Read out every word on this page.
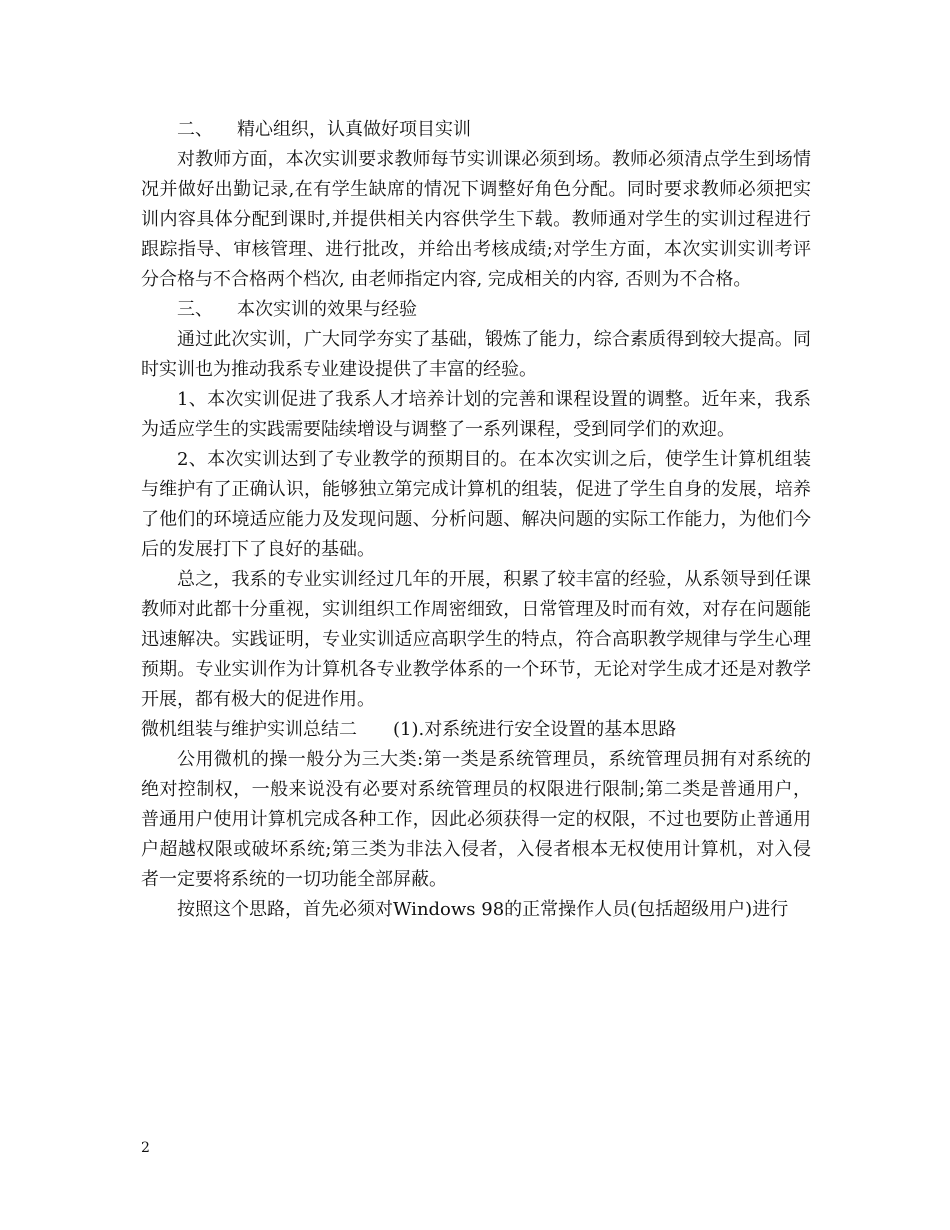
二、 精心组织，认真做好项目实训

对教师方面，本次实训要求教师每节实训课必须到场。教师必须清点学生到场情况并做好出勤记录,在有学生缺席的情况下调整好角色分配。同时要求教师必须把实训内容具体分配到课时,并提供相关内容供学生下载。教师通对学生的实训过程进行跟踪指导、审核管理、进行批改，并给出考核成绩;对学生方面，本次实训实训考评分合格与不合格两个档次, 由老师指定内容, 完成相关的内容, 否则为不合格。

三、 本次实训的效果与经验

通过此次实训，广大同学夯实了基础，锻炼了能力，综合素质得到较大提高。同时实训也为推动我系专业建设提供了丰富的经验。

1、本次实训促进了我系人才培养计划的完善和课程设置的调整。近年来，我系为适应学生的实践需要陆续增设与调整了一系列课程，受到同学们的欢迎。

2、本次实训达到了专业教学的预期目的。在本次实训之后，使学生计算机组装与维护有了正确认识，能够独立第完成计算机的组装，促进了学生自身的发展，培养了他们的环境适应能力及发现问题、分析问题、解决问题的实际工作能力，为他们今后的发展打下了良好的基础。

总之，我系的专业实训经过几年的开展，积累了较丰富的经验，从系领导到任课教师对此都十分重视，实训组织工作周密细致，日常管理及时而有效，对存在问题能迅速解决。实践证明，专业实训适应高职学生的特点，符合高职教学规律与学生心理预期。专业实训作为计算机各专业教学体系的一个环节，无论对学生成才还是对教学开展，都有极大的促进作用。

微机组装与维护实训总结二 (1).对系统进行安全设置的基本思路

公用微机的操一般分为三大类:第一类是系统管理员，系统管理员拥有对系统的绝对控制权，一般来说没有必要对系统管理员的权限进行限制;第二类是普通用户，普通用户使用计算机完成各种工作，因此必须获得一定的权限，不过也要防止普通用户超越权限或破坏系统;第三类为非法入侵者，入侵者根本无权使用计算机，对入侵者一定要将系统的一切功能全部屏蔽。

按照这个思路，首先必须对Windows 98的正常操作人员(包括超级用户)进行

2
